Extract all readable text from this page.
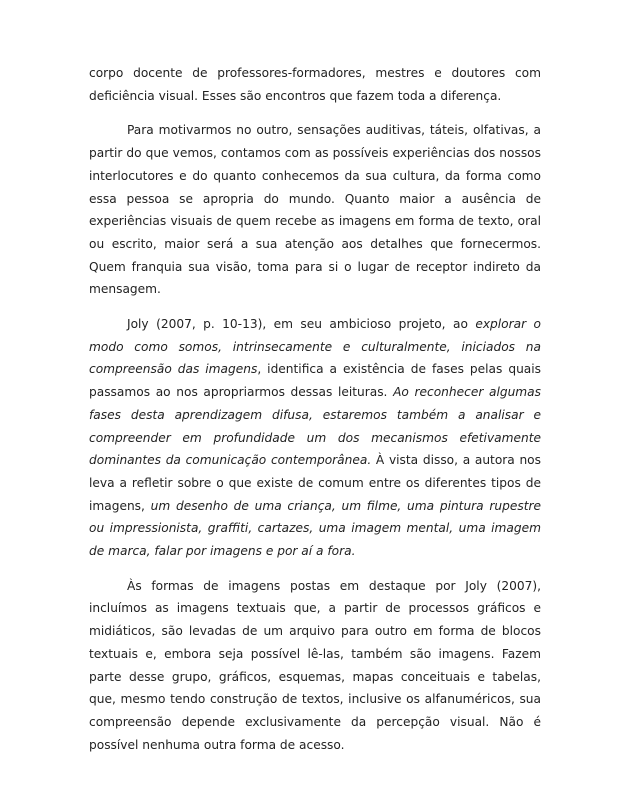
corpo docente de professores-formadores, mestres e doutores com deficiência visual. Esses são encontros que fazem toda a diferença.

Para motivarmos no outro, sensações auditivas, táteis, olfativas, a partir do que vemos, contamos com as possíveis experiências dos nossos interlocutores e do quanto conhecemos da sua cultura, da forma como essa pessoa se apropria do mundo. Quanto maior a ausência de experiências visuais de quem recebe as imagens em forma de texto, oral ou escrito, maior será a sua atenção aos detalhes que fornecermos. Quem franquia sua visão, toma para si o lugar de receptor indireto da mensagem.

Joly (2007, p. 10-13), em seu ambicioso projeto, ao explorar o modo como somos, intrinsecamente e culturalmente, iniciados na compreensão das imagens, identifica a existência de fases pelas quais passamos ao nos apropriarmos dessas leituras. Ao reconhecer algumas fases desta aprendizagem difusa, estaremos também a analisar e compreender em profundidade um dos mecanismos efetivamente dominantes da comunicação contemporânea. À vista disso, a autora nos leva a refletir sobre o que existe de comum entre os diferentes tipos de imagens, um desenho de uma criança, um filme, uma pintura rupestre ou impressionista, graffiti, cartazes, uma imagem mental, uma imagem de marca, falar por imagens e por aí a fora.

Às formas de imagens postas em destaque por Joly (2007), incluímos as imagens textuais que, a partir de processos gráficos e midiáticos, são levadas de um arquivo para outro em forma de blocos textuais e, embora seja possível lê-las, também são imagens. Fazem parte desse grupo, gráficos, esquemas, mapas conceituais e tabelas, que, mesmo tendo construção de textos, inclusive os alfanuméricos, sua compreensão depende exclusivamente da percepção visual. Não é possível nenhuma outra forma de acesso.
